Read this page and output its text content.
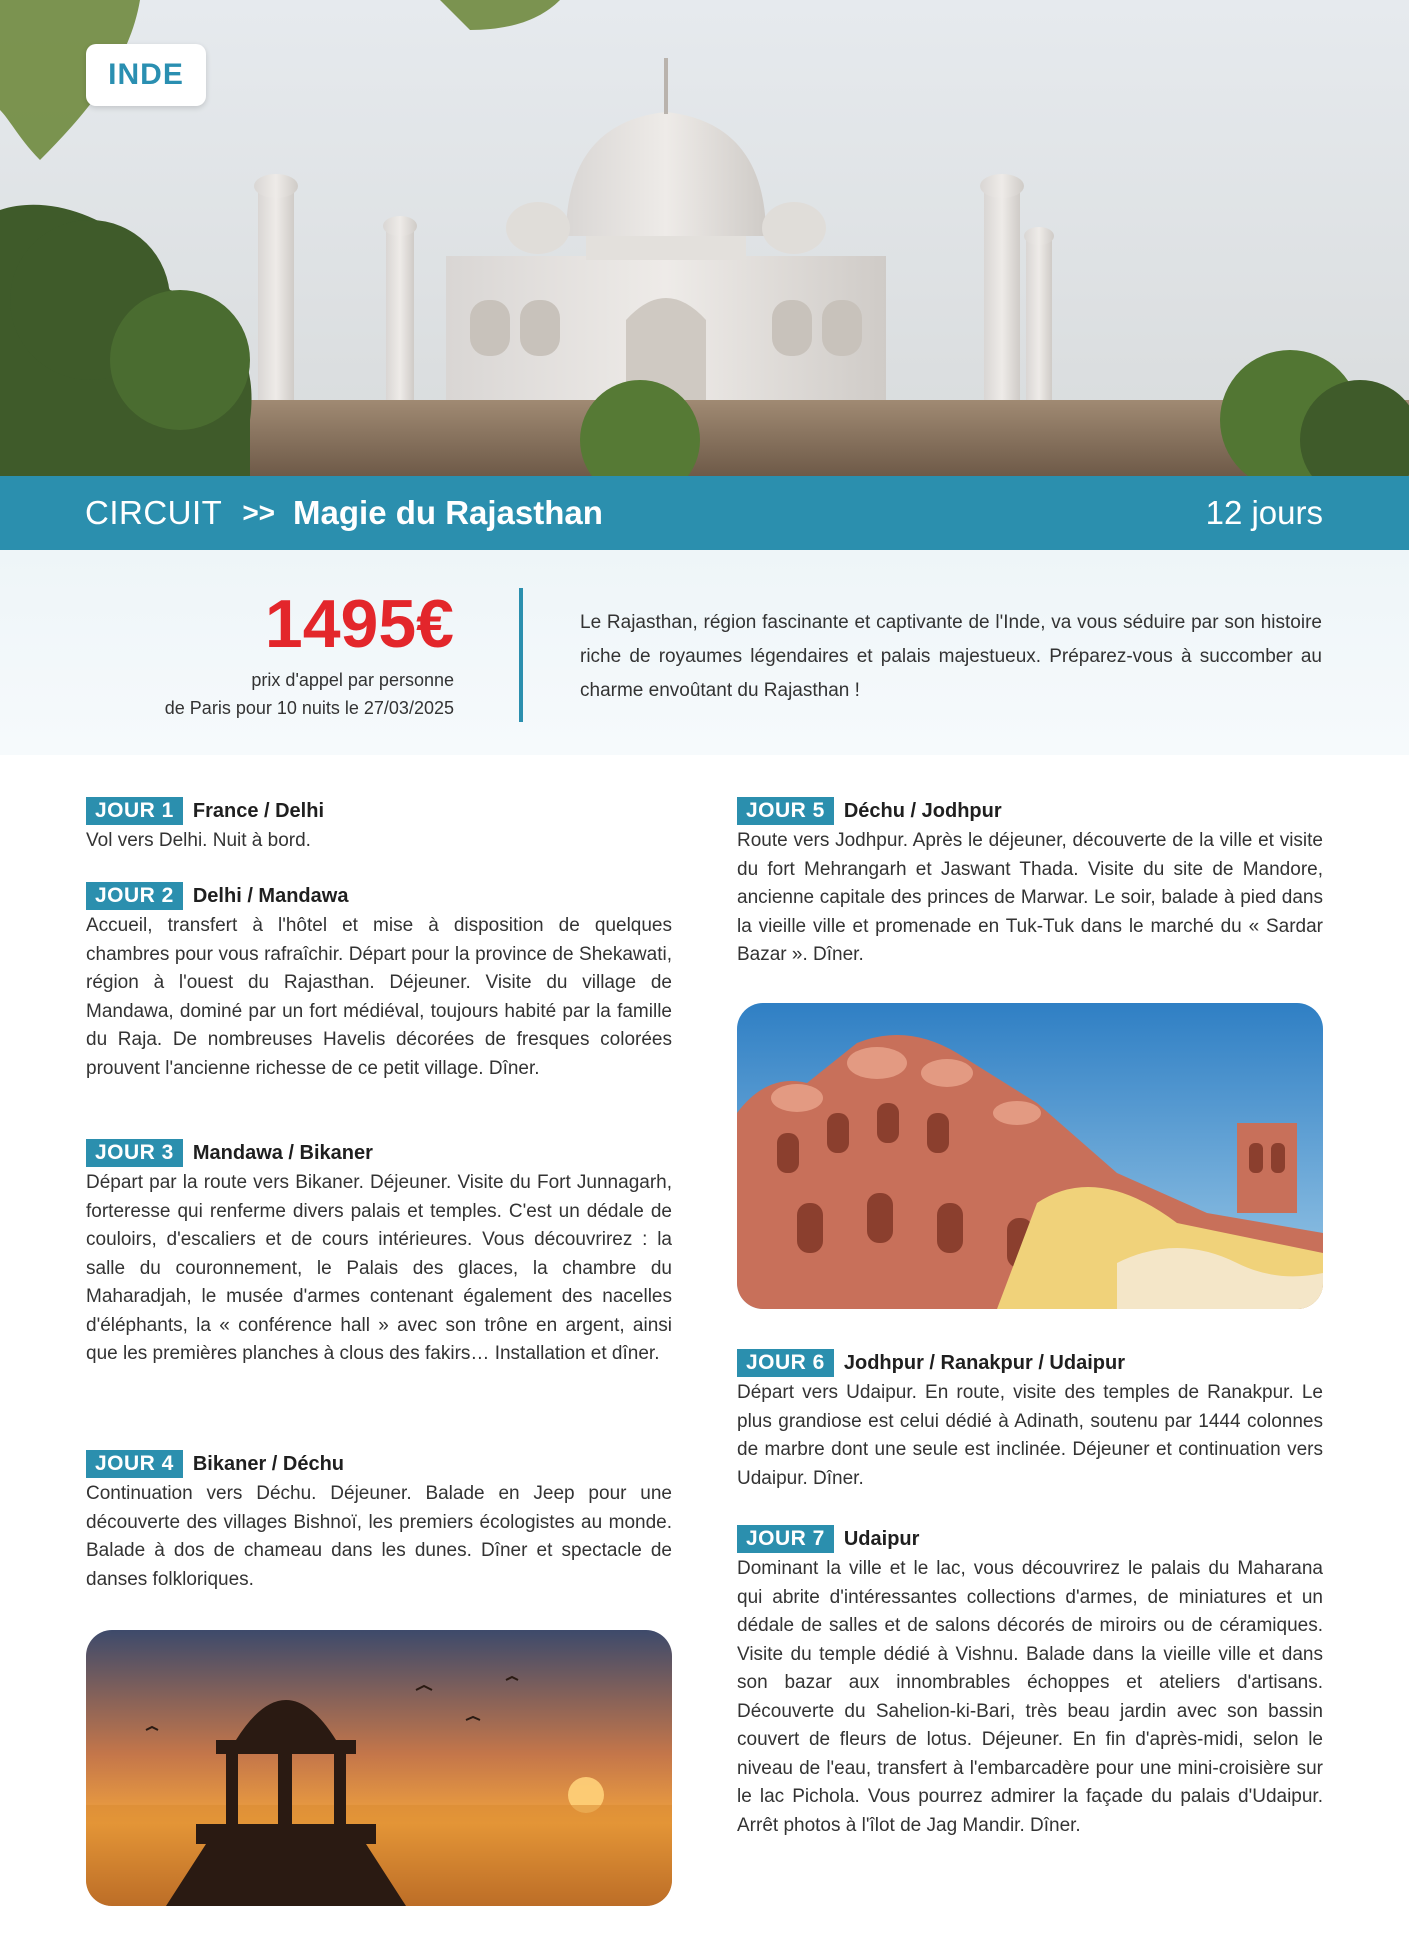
INDE
CIRCUIT >> Magie du Rajasthan	12 jours
1495€
prix d'appel par personne
de Paris pour 10 nuits le 27/03/2025
Le Rajasthan, région fascinante et captivante de l'Inde, va vous séduire par son histoire riche de royaumes légendaires et palais majestueux. Préparez-vous à succomber au charme envoûtant du Rajasthan !
JOUR 1 France / Delhi
Vol vers Delhi. Nuit à bord.
JOUR 2 Delhi / Mandawa
Accueil, transfert à l'hôtel et mise à disposition de quelques chambres pour vous rafraîchir. Départ pour la province de Shekawati, région à l'ouest du Rajasthan. Déjeuner. Visite du village de Mandawa, dominé par un fort médiéval, toujours habité par la famille du Raja. De nombreuses Havelis décorées de fresques colorées prouvent l'ancienne richesse de ce petit village. Dîner.
JOUR 3 Mandawa / Bikaner
Départ par la route vers Bikaner. Déjeuner. Visite du Fort Junnagarh, forteresse qui renferme divers palais et temples. C'est un dédale de couloirs, d'escaliers et de cours intérieures. Vous découvrirez : la salle du couronnement, le Palais des glaces, la chambre du Maharadjah, le musée d'armes contenant également des nacelles d'éléphants, la « conférence hall » avec son trône en argent, ainsi que les premières planches à clous des fakirs… Installation et dîner.
JOUR 4 Bikaner / Déchu
Continuation vers Déchu. Déjeuner. Balade en Jeep pour une découverte des villages Bishnoï, les premiers écologistes au monde. Balade à dos de chameau dans les dunes. Dîner et spectacle de danses folkloriques.
JOUR 5 Déchu / Jodhpur
Route vers Jodhpur. Après le déjeuner, découverte de la ville et visite du fort Mehrangarh et Jaswant Thada. Visite du site de Mandore, ancienne capitale des princes de Marwar. Le soir, balade à pied dans la vieille ville et promenade en Tuk-Tuk dans le marché du « Sardar Bazar ». Dîner.
JOUR 6 Jodhpur / Ranakpur / Udaipur
Départ vers Udaipur. En route, visite des temples de Ranakpur. Le plus grandiose est celui dédié à Adinath, soutenu par 1444 colonnes de marbre dont une seule est inclinée. Déjeuner et continuation vers Udaipur. Dîner.
JOUR 7 Udaipur
Dominant la ville et le lac, vous découvrirez le palais du Maharana qui abrite d'intéressantes collections d'armes, de miniatures et un dédale de salles et de salons décorés de miroirs ou de céramiques. Visite du temple dédié à Vishnu. Balade dans la vieille ville et dans son bazar aux innombrables échoppes et ateliers d'artisans. Découverte du Sahelion-ki-Bari, très beau jardin avec son bassin couvert de fleurs de lotus. Déjeuner. En fin d'après-midi, selon le niveau de l'eau, transfert à l'embarcadère pour une mini-croisière sur le lac Pichola. Vous pourrez admirer la façade du palais d'Udaipur. Arrêt photos à l'îlot de Jag Mandir. Dîner.
